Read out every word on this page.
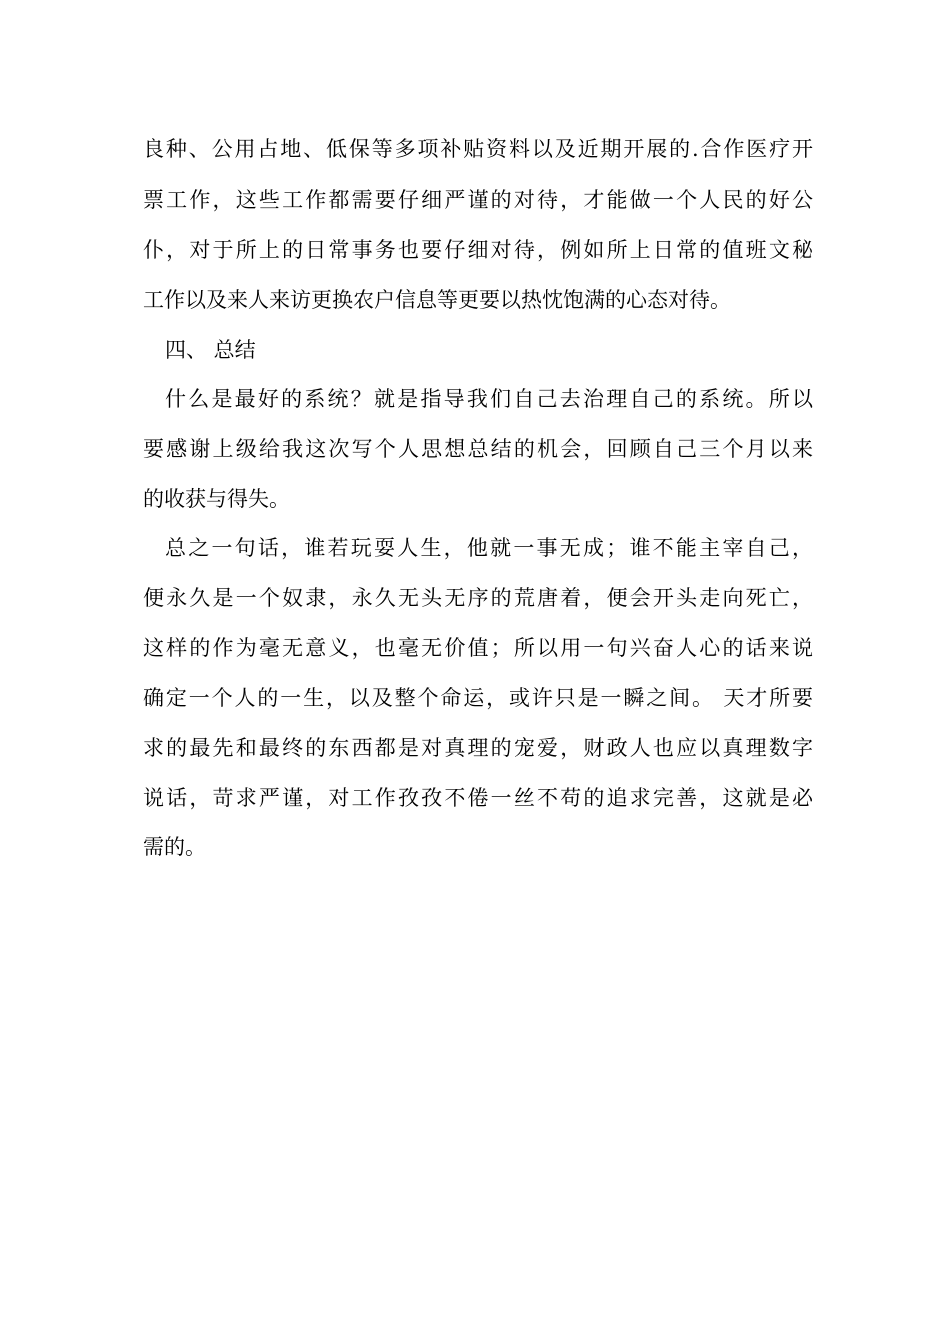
良种、公用占地、低保等多项补贴资料以及近期开展的.合作医疗开
票工作，这些工作都需要仔细严谨的对待，才能做一个人民的好公
仆，对于所上的日常事务也要仔细对待，例如所上日常的值班文秘
工作以及来人来访更换农户信息等更要以热忱饱满的心态对待。
四、 总结
什么是最好的系统？就是指导我们自己去治理自己的系统。所以
要感谢上级给我这次写个人思想总结的机会，回顾自己三个月以来
的收获与得失。
总之一句话，谁若玩耍人生，他就一事无成；谁不能主宰自己，
便永久是一个奴隶，永久无头无序的荒唐着，便会开头走向死亡，
这样的作为毫无意义，也毫无价值；所以用一句兴奋人心的话来说
确定一个人的一生，以及整个命运，或许只是一瞬之间。 天才所要
求的最先和最终的东西都是对真理的宠爱，财政人也应以真理数字
说话，苛求严谨，对工作孜孜不倦一丝不苟的追求完善，这就是必
需的。
